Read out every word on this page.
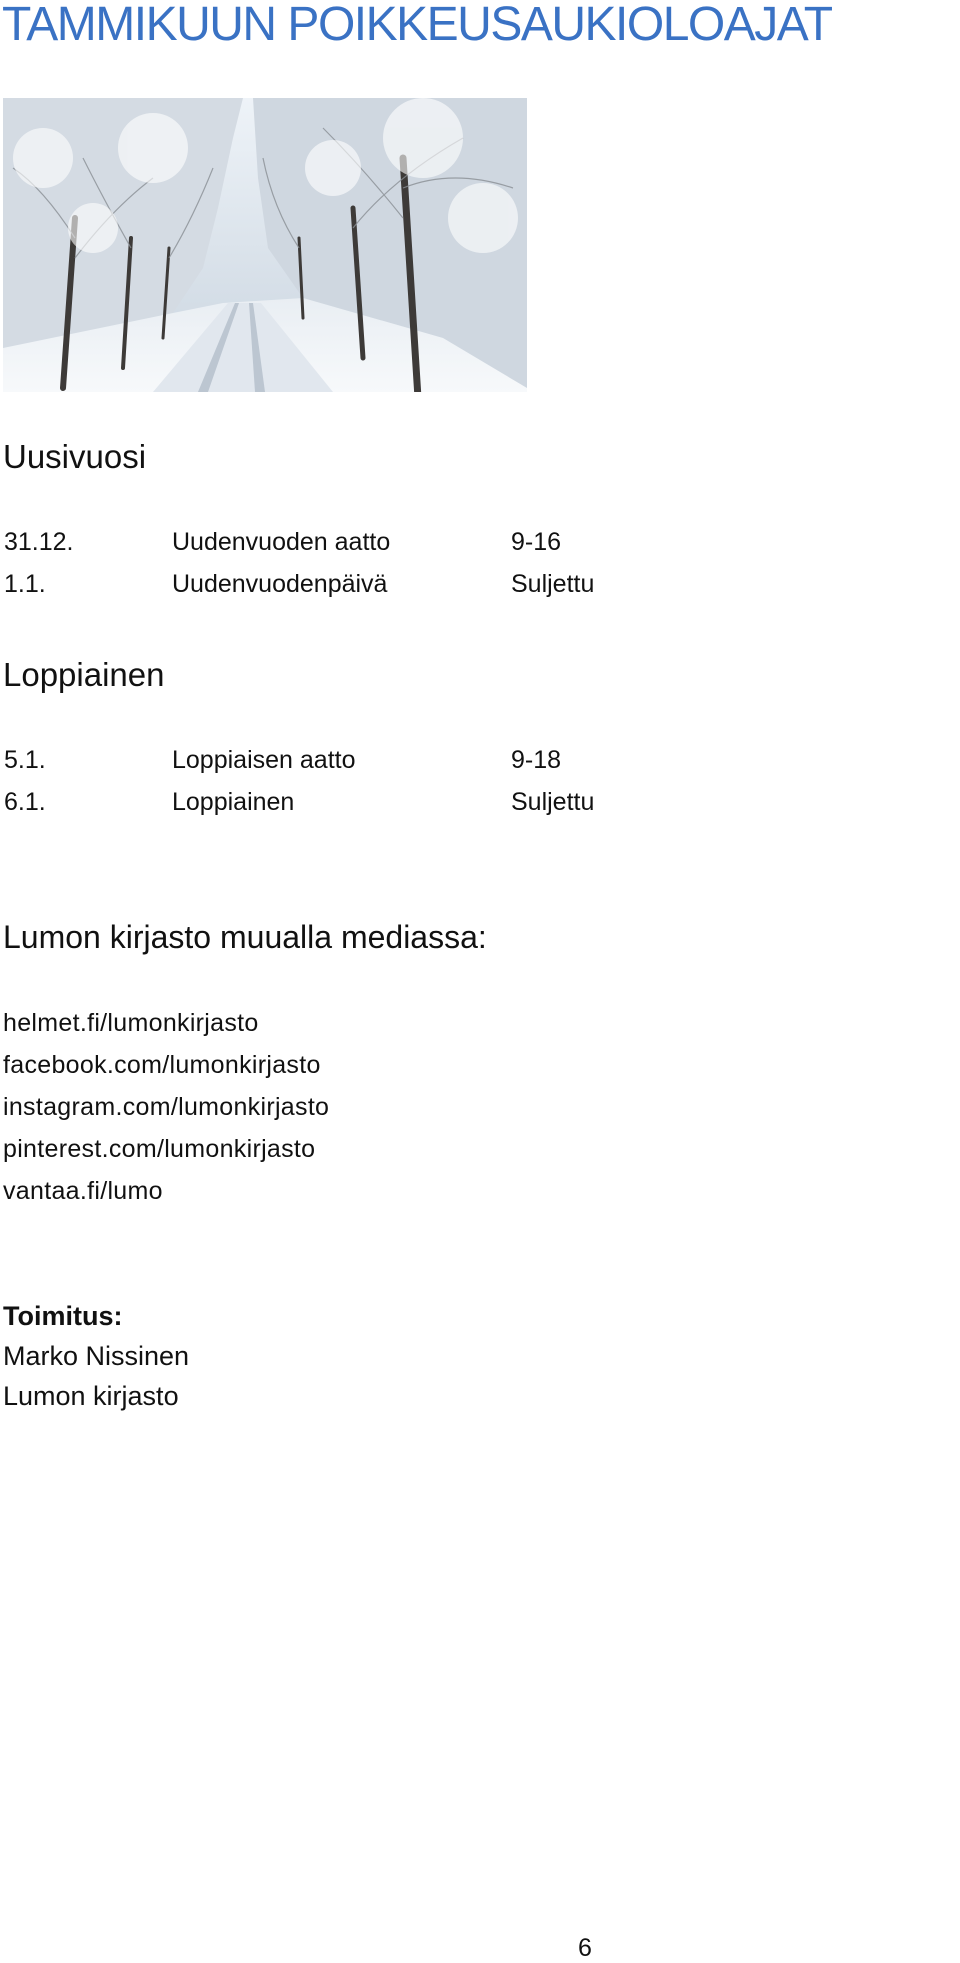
TAMMIKUUN POIKKEUSAUKIOLOAJAT
Uusivuosi
31.12.	Uudenvuoden aatto	9-16
1.1.	Uudenvuodenpäivä	Suljettu
Loppiainen
5.1.	Loppiaisen aatto	9-18
6.1.	Loppiainen	Suljettu
Lumon kirjasto muualla mediassa:
helmet.fi/lumonkirjasto
facebook.com/lumonkirjasto
instagram.com/lumonkirjasto
pinterest.com/lumonkirjasto
vantaa.fi/lumo
Toimitus:
Marko Nissinen
Lumon kirjasto
6
